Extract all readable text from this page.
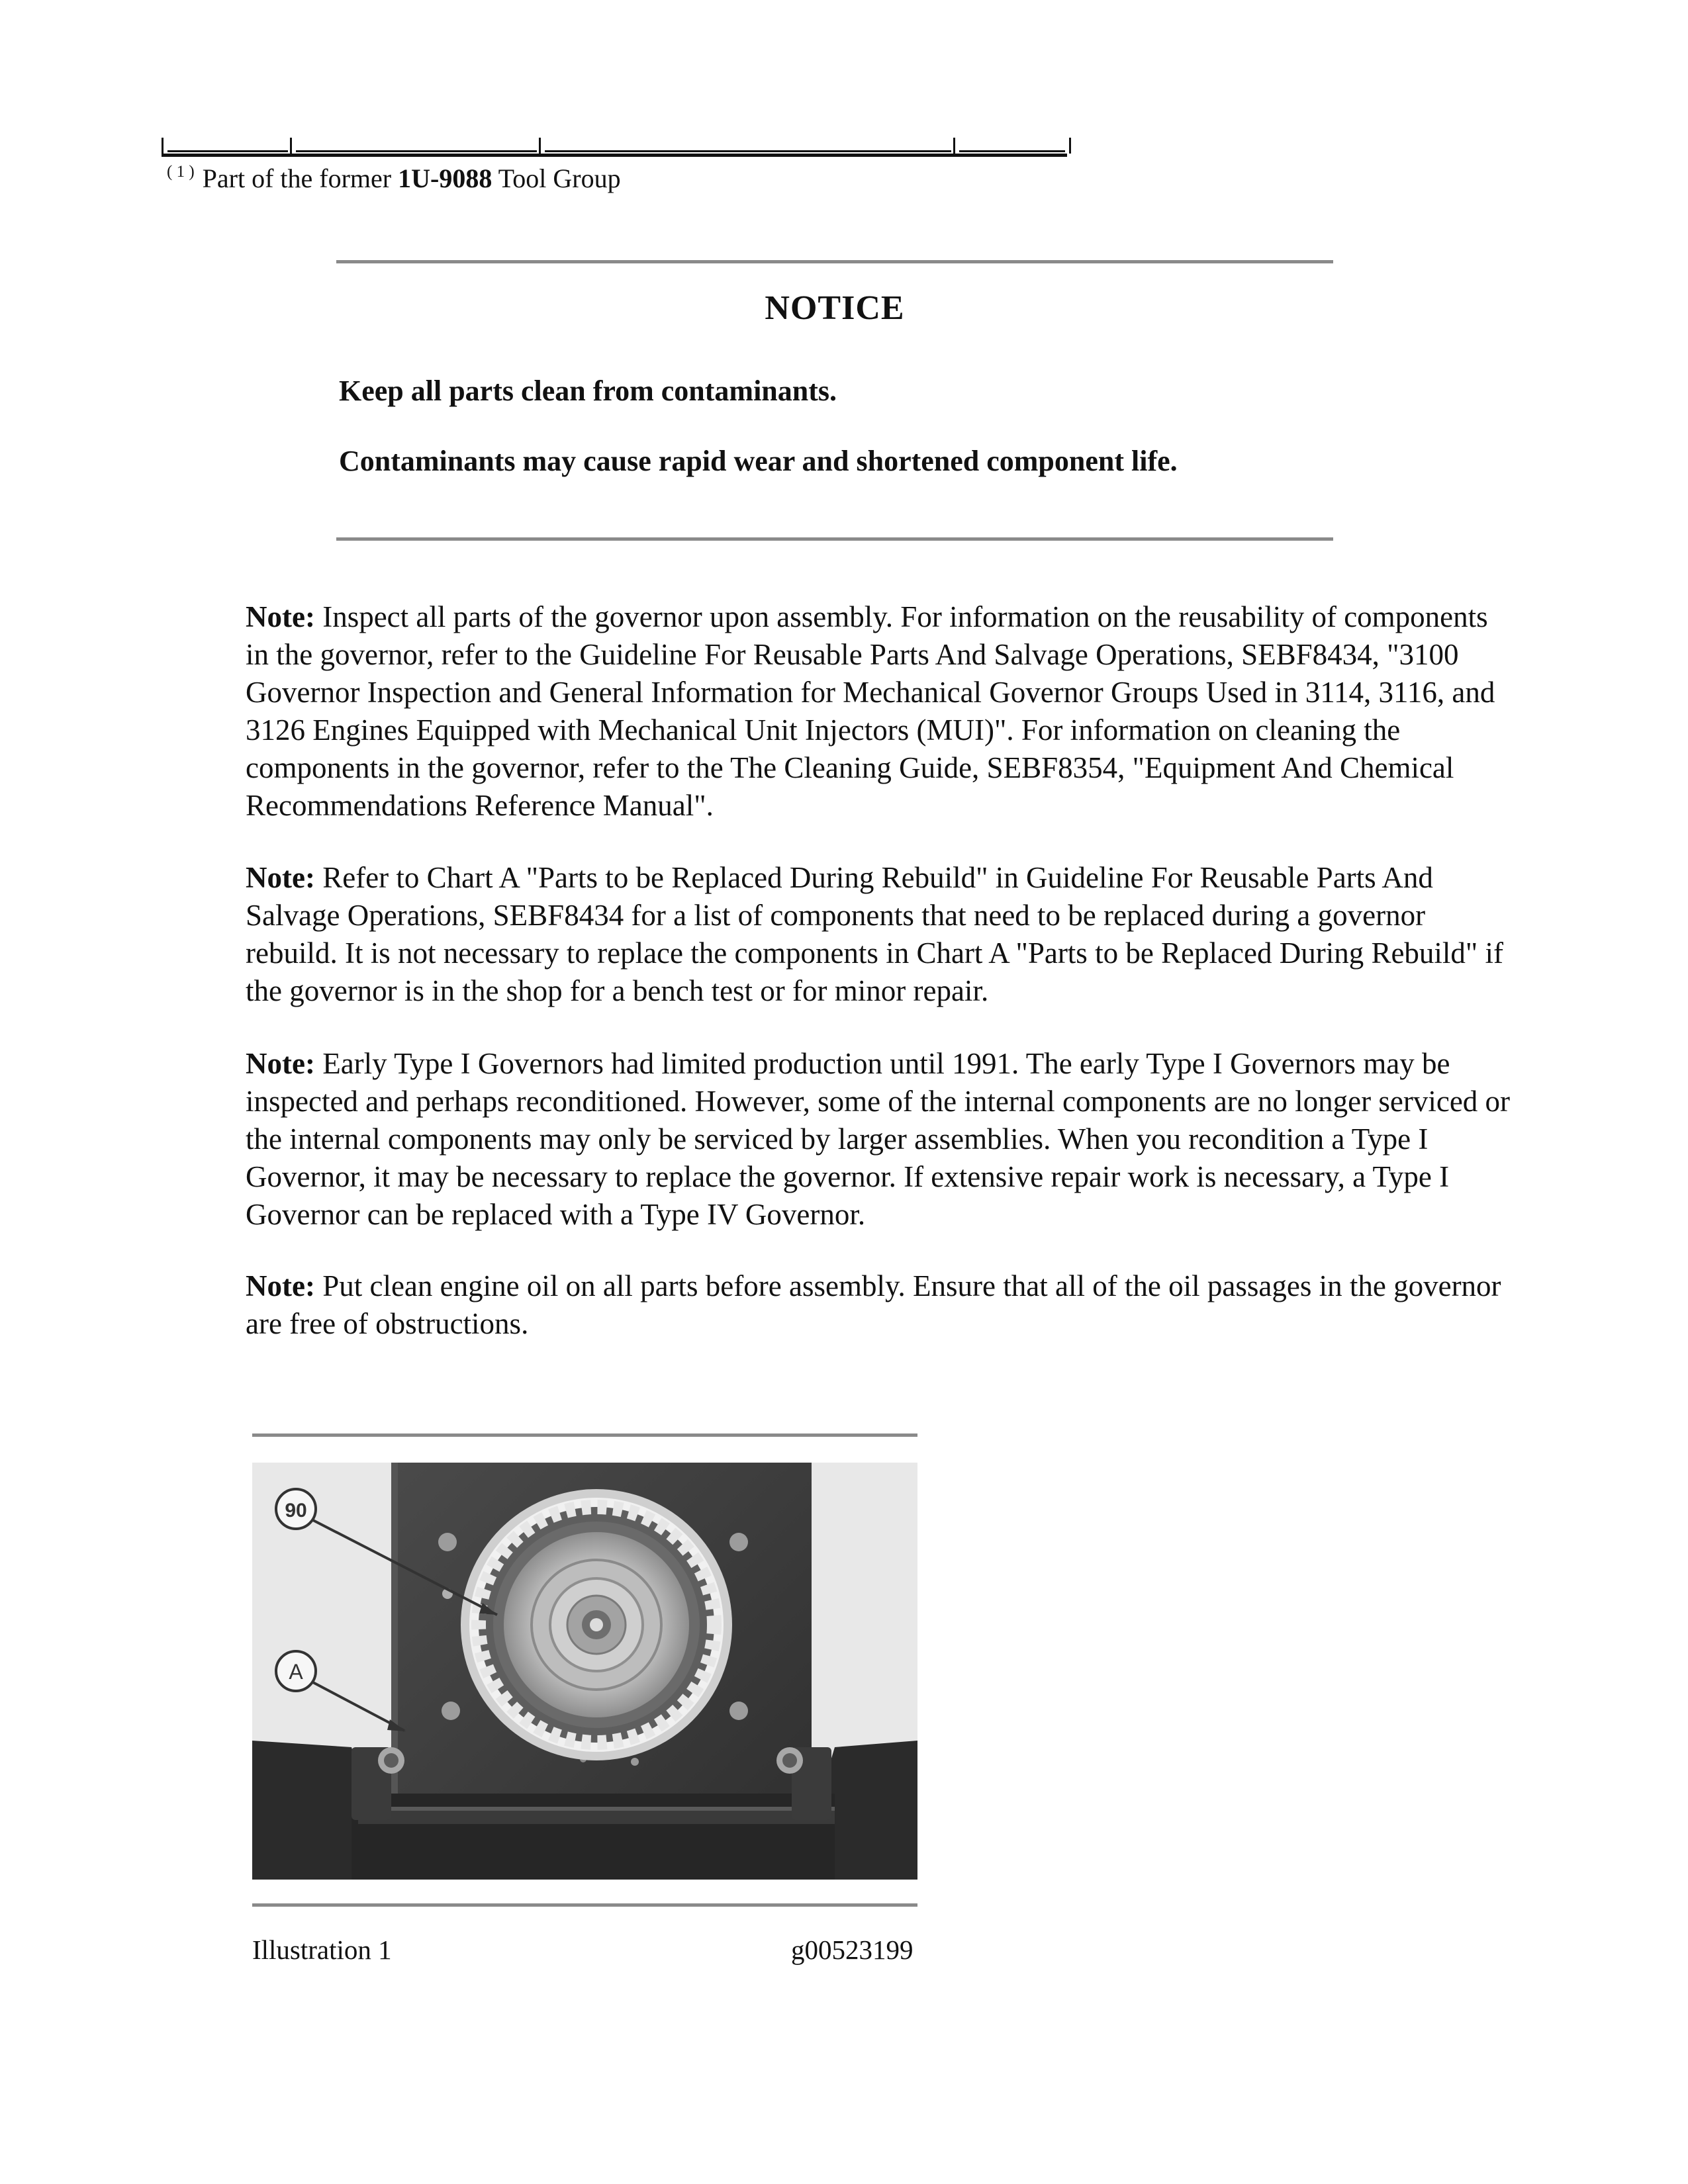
$^{( 1 )}$ Part of the former 1U-9088 Tool Group
NOTICE
Keep all parts clean from contaminants.
Contaminants may cause rapid wear and shortened component life.
Note: Inspect all parts of the governor upon assembly. For information on the reusability of components in the governor, refer to the Guideline For Reusable Parts And Salvage Operations, SEBF8434, "3100 Governor Inspection and General Information for Mechanical Governor Groups Used in 3114, 3116, and 3126 Engines Equipped with Mechanical Unit Injectors (MUI)". For information on cleaning the components in the governor, refer to the The Cleaning Guide, SEBF8354, "Equipment And Chemical Recommendations Reference Manual".
Note: Refer to Chart A "Parts to be Replaced During Rebuild" in Guideline For Reusable Parts And Salvage Operations, SEBF8434 for a list of components that need to be replaced during a governor rebuild. It is not necessary to replace the components in Chart A "Parts to be Replaced During Rebuild" if the governor is in the shop for a bench test or for minor repair.
Note: Early Type I Governors had limited production until 1991. The early Type I Governors may be inspected and perhaps reconditioned. However, some of the internal components are no longer serviced or the internal components may only be serviced by larger assemblies. When you recondition a Type I Governor, it may be necessary to replace the governor. If extensive repair work is necessary, a Type I Governor can be replaced with a Type IV Governor.
Note: Put clean engine oil on all parts before assembly. Ensure that all of the oil passages in the governor are free of obstructions.
90
A
Illustration 1	g00523199
